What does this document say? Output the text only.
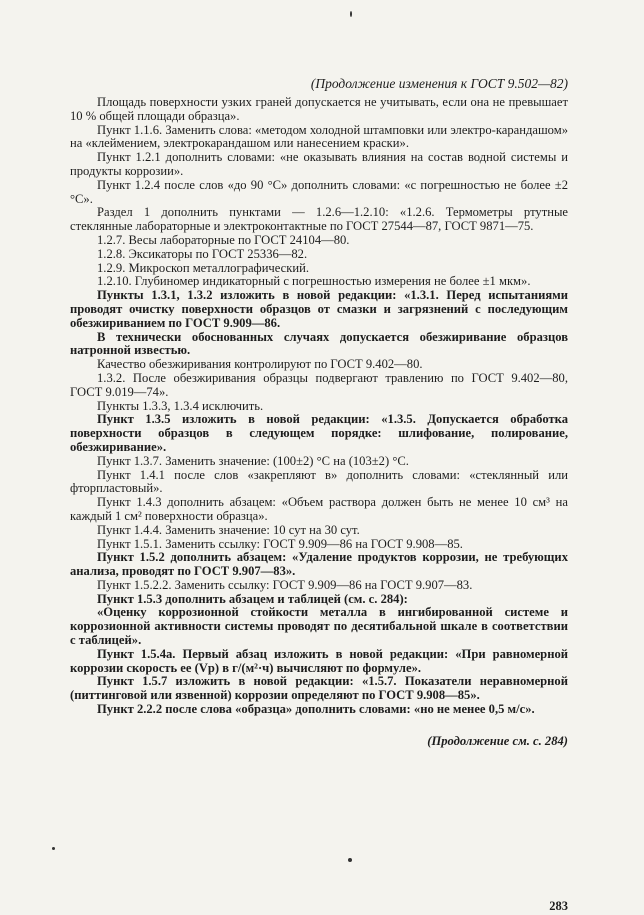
(Продолжение изменения к ГОСТ 9.502—82)

Площадь поверхности узких граней допускается не учитывать, если она не превышает 10 % общей площади образца».

Пункт 1.1.6. Заменить слова: «методом холодной штамповки или электро-карандашом» на «клеймением, электрокарандашом или нанесением краски».

Пункт 1.2.1 дополнить словами: «не оказывать влияния на состав водной системы и продукты коррозии».

Пункт 1.2.4 после слов «до 90 °С» дополнить словами: «с погрешностью не более ±2 °С».

Раздел 1 дополнить пунктами — 1.2.6—1.2.10: «1.2.6. Термометры ртутные стеклянные лабораторные и электроконтактные по ГОСТ 27544—87, ГОСТ 9871—75.

1.2.7. Весы лабораторные по ГОСТ 24104—80.

1.2.8. Эксикаторы по ГОСТ 25336—82.

1.2.9. Микроскоп металлографический.

1.2.10. Глубиномер индикаторный с погрешностью измерения не более ±1 мкм».

Пункты 1.3.1, 1.3.2 изложить в новой редакции: «1.3.1. Перед испытаниями проводят очистку поверхности образцов от смазки и загрязнений с последующим обезжириванием по ГОСТ 9.909—86.

В технически обоснованных случаях допускается обезжиривание образцов натронной известью.

Качество обезжиривания контролируют по ГОСТ 9.402—80.

1.3.2. После обезжиривания образцы подвергают травлению по ГОСТ 9.402—80, ГОСТ 9.019—74».

Пункты 1.3.3, 1.3.4 исключить.

Пункт 1.3.5 изложить в новой редакции: «1.3.5. Допускается обработка поверхности образцов в следующем порядке: шлифование, полирование, обезжиривание».

Пункт 1.3.7. Заменить значение: (100±2) °С на (103±2) °С.

Пункт 1.4.1 после слов «закрепляют в» дополнить словами: «стеклянный или фторпластовый».

Пункт 1.4.3 дополнить абзацем: «Объем раствора должен быть не менее 10 см³ на каждый 1 см² поверхности образца».

Пункт 1.4.4. Заменить значение: 10 сут на 30 сут.

Пункт 1.5.1. Заменить ссылку: ГОСТ 9.909—86 на ГОСТ 9.908—85.

Пункт 1.5.2 дополнить абзацем: «Удаление продуктов коррозии, не требующих анализа, проводят по ГОСТ 9.907—83».

Пункт 1.5.2.2. Заменить ссылку: ГОСТ 9.909—86 на ГОСТ 9.907—83.

Пункт 1.5.3 дополнить абзацем и таблицей (см. с. 284):

«Оценку коррозионной стойкости металла в ингибированной системе и коррозионной активности системы проводят по десятибальной шкале в соответствии с таблицей».

Пункт 1.5.4а. Первый абзац изложить в новой редакции: «При равномерной коррозии скорость ее (Vр) в г/(м²·ч) вычисляют по формуле».

Пункт 1.5.7 изложить в новой редакции: «1.5.7. Показатели неравномерной (питтинговой или язвенной) коррозии определяют по ГОСТ 9.908—85».

Пункт 2.2.2 после слова «образца» дополнить словами: «но не менее 0,5 м/с».

(Продолжение см. с. 284)
283
